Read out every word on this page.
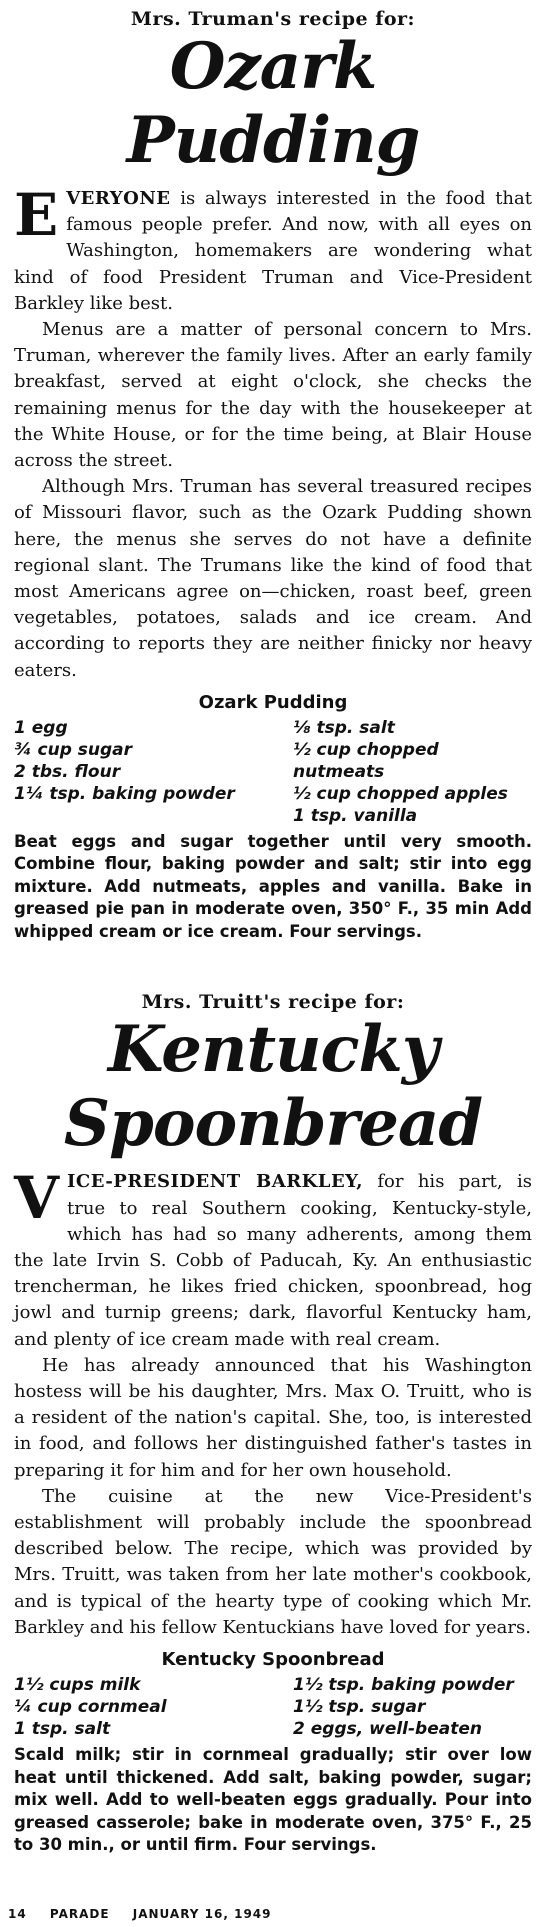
Mrs. Truman's recipe for:
Ozark
Pudding

EVERYONE is always interested in the food that famous people prefer. And now, with all eyes on Washington, homemakers are wondering what kind of food President Truman and Vice-President Barkley like best.

Menus are a matter of personal concern to Mrs. Truman, wherever the family lives. After an early family breakfast, served at eight o'clock, she checks the remaining menus for the day with the housekeeper at the White House, or for the time being, at Blair House across the street.

Although Mrs. Truman has several treasured recipes of Missouri flavor, such as the Ozark Pudding shown here, the menus she serves do not have a definite regional slant. The Trumans like the kind of food that most Americans agree on—chicken, roast beef, green vegetables, potatoes, salads and ice cream. And according to reports they are neither finicky nor heavy eaters.

Ozark Pudding
1 egg
¾ cup sugar
2 tbs. flour
1¼ tsp. baking powder
⅛ tsp. salt
½ cup chopped nutmeats
½ cup chopped apples
1 tsp. vanilla
Beat eggs and sugar together until very smooth. Combine flour, baking powder and salt; stir into egg mixture. Add nutmeats, apples and vanilla. Bake in greased pie pan in moderate oven, 350° F., 35 min Add whipped cream or ice cream. Four servings.
Mrs. Truitt's recipe for:
Kentucky
Spoonbread

VICE-PRESIDENT BARKLEY, for his part, is true to real Southern cooking, Kentucky-style, which has had so many adherents, among them the late Irvin S. Cobb of Paducah, Ky. An enthusiastic trencherman, he likes fried chicken, spoonbread, hog jowl and turnip greens; dark, flavorful Kentucky ham, and plenty of ice cream made with real cream.

He has already announced that his Washington hostess will be his daughter, Mrs. Max O. Truitt, who is a resident of the nation's capital. She, too, is interested in food, and follows her distinguished father's tastes in preparing it for him and for her own household.

The cuisine at the new Vice-President's establishment will probably include the spoonbread described below. The recipe, which was provided by Mrs. Truitt, was taken from her late mother's cookbook, and is typical of the hearty type of cooking which Mr. Barkley and his fellow Kentuckians have loved for years.

Kentucky Spoonbread
1½ cups milk
¼ cup cornmeal
1 tsp. salt
1½ tsp. baking powder
1½ tsp. sugar
2 eggs, well-beaten
Scald milk; stir in cornmeal gradually; stir over low heat until thickened. Add salt, baking powder, sugar; mix well. Add to well-beaten eggs gradually. Pour into greased casserole; bake in moderate oven, 375° F., 25 to 30 min., or until firm. Four servings.
14 PARADE JANUARY 16, 1949
